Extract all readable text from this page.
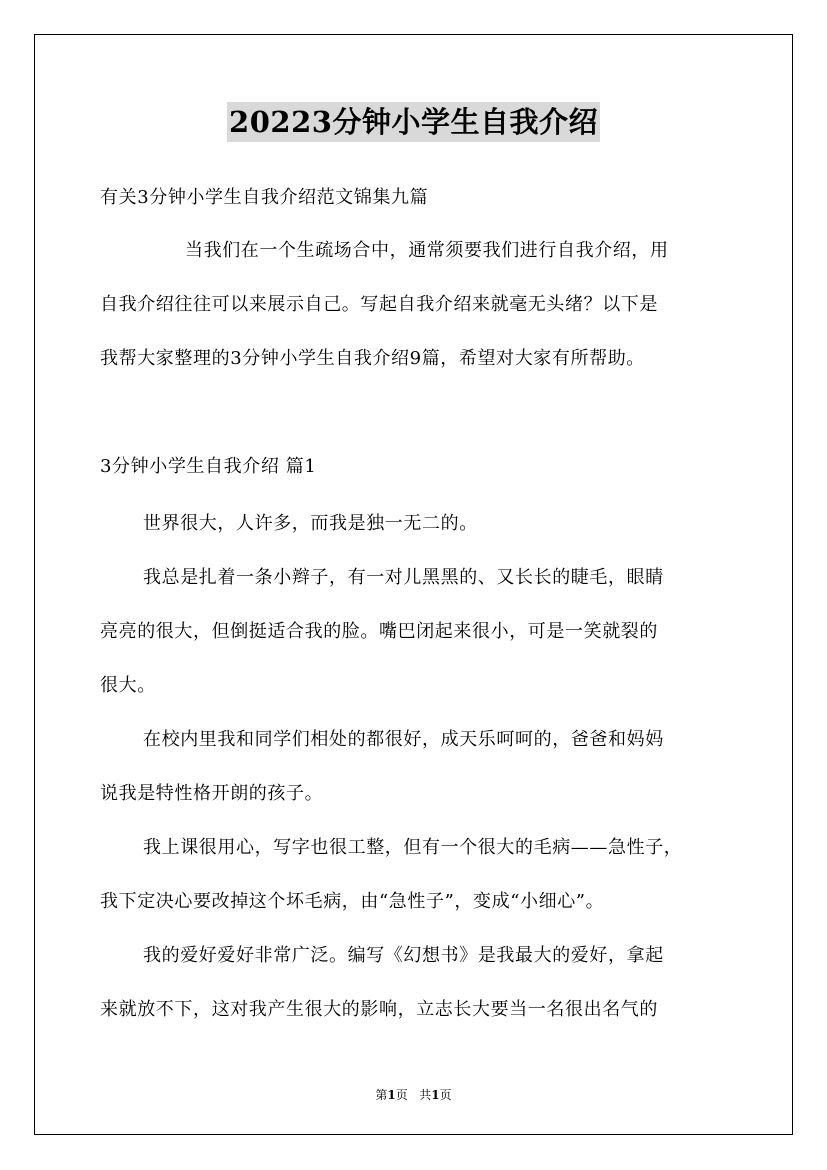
20223分钟小学生自我介绍
有关3分钟小学生自我介绍范文锦集九篇
当我们在一个生疏场合中，通常须要我们进行自我介绍，用
自我介绍往往可以来展示自己。写起自我介绍来就毫无头绪？以下是
我帮大家整理的3分钟小学生自我介绍9篇，希望对大家有所帮助。
3分钟小学生自我介绍 篇1
世界很大，人许多，而我是独一无二的。
我总是扎着一条小辫子，有一对儿黑黑的、又长长的睫毛，眼睛
亮亮的很大，但倒挺适合我的脸。嘴巴闭起来很小，可是一笑就裂的
很大。
在校内里我和同学们相处的都很好，成天乐呵呵的，爸爸和妈妈
说我是特性格开朗的孩子。
我上课很用心，写字也很工整，但有一个很大的毛病——急性子，
我下定决心要改掉这个坏毛病，由“急性子”，变成“小细心”。
我的爱好爱好非常广泛。编写《幻想书》是我最大的爱好，拿起
来就放不下，这对我产生很大的影响，立志长大要当一名很出名气的
第1页 共1页
